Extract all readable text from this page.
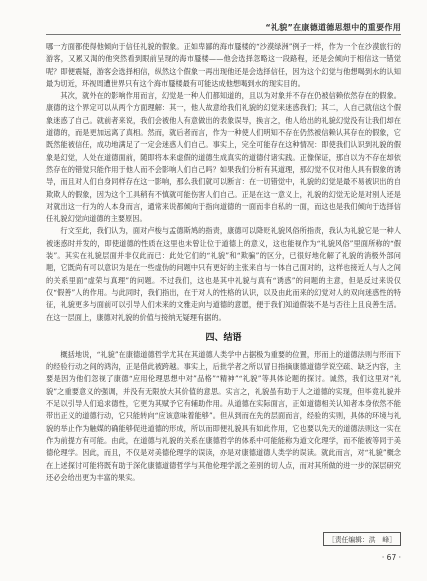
“礼貌”在康德道德思想中的重要作用

哪一方面都使得他倾向于信任礼貌的假象。正如卑鄙的海市蜃楼的“沙漠绿洲”例子一样，作为一个在沙漠旅行的游客，又累又渴的他突然看到眼前呈现的海市蜃楼——他会选择忽略这一段路程，还是会倾向于相信这一错觉呢？即便震疑，游客会选择相信，纵然这个假象一再出现他还是会选择信任，因为这个幻觉与他想喝到水的认知最为切近，环视周遭世界只有这个海市蜃楼最有可能达成他想喝到水的现实目的。

其次，就外在的影响作用而言，幻觉是一种人们都知道的，且以为对象并不存在仍被信赖依然存在的假象。康德的这个界定可以从两个方面理解：其一，他人故意给我们礼貌的幻觉来迷惑我们；其二，人自己就信这个假象迷惑了自己。就前者来说，我们会被他人有意做出的表象误导，换言之，他人给出的礼貌幻觉没有让我们却在道德的，而是更加远离了真相。然而，就后者而言，作为一种使人们明知不存在仍然被信赖认其存在的假象，它既然能被信任，成功地满足了一定会迷惑人们自己。事实上，完全可能存在这种情况：即使我们认识到礼貌的假象是幻觉，人处在道德面前，随即将本来虚假的道德生成真实的道德付诸实践。正像保证，那自以为不存在却依然存在的错觉只能作用于他人而不会影响人们自己吗？如果我们分析有其道理，那幻觉不仅对他人具有假象的诱导，而且对人们自身同样存在这一影响，那么我们就可以断言：在一切错觉中，礼貌的幻觉是最不易被识出的自欺欺人的假象，因为这个工具稍有不慎就可能伤害人们自己。正是在这一意义上，礼貌的幻觉无论是对别人还是对就出这一行为的人本身而言，通常来说都倾向于指向道德的一面而非自私的一面，而这也是我们倾向于选择信任礼貌幻觉向道德的主要原因。

行文至此，我们认为，面对卢梭与孟德斯鸠的指责，康德可以降贬礼貌风俗所指责，我认为礼貌它是一种人被迷惑时并发的，即使道德的性质在这里也未曾让位于道德上的意义，这也能视作为“礼貌风俗”里面所称的“假装”。其实在礼貌层面并非仅此而已：此处它们的“礼貌”和“欺骗”的区分，已很好地化解了礼貌的消极外部问题，它既尚有可以意识为是在一些虚伪的问题中只有更好的主张来自与一体自己面对的，这样也接近人与人之间的关系里面“虚荣与真理”的问题。不过我们，这也是其中礼貌与真有“诱惑”的问题的主意，但是反过来说仅仅“假善”人的作用。与此同时，我们指出，在于对人的性格的认识，以及由此而来的幻觉对人的双向迷惑性的特征，礼貌更多与面前可以引导人们未来的文雅走向与道德的意愿，便于我们知道假装不是与否往上且良善生活。在这一层面上，康德对礼貌的价值与接纳无疑理有据的。

四、结语

概括地说，“礼貌”在康德道德哲学尤其在其道德人类学中占据极为重要的位置，形而上的道德法则与形而下的经验行动之间的鸿沟，正是借此被跨越。事实上，后批学者之所以冒日指摘康德道德学说空疏、缺乏内容，主要是因为他们忽视了康德“应用伦理思想中对”品格”“精神”“礼貌”等具体论题的探讨。诚然，我们这里对“礼貌”之重要意义的强调，并没有无限放大其价值的意思。实言之，礼貌虽有助于人之道德的实现，但毕竟礼貌并不足以引导人们追求德性，它更为其赋予它有辅助作用。从道德在实际面言，正如道德相关认知者本身依然不能带出正义的道德行动，它只能转向“应该意味着能够”。但从到而在先的层面而言，经验的实则，具体的环境与礼貌的举止作为触媒的确能够促进道德的形成，所以而即便礼貌具有如此作用，它也要以先天的道德法则这一实在作为前提方有可能。由此，在道德与礼貌的关系在康德哲学的体系中可能能称为道文化理学，而不能被等同于美德伦理学。因此，而且，不仅是对美德伦理学的误读，亦是对康德道德人类学的误读。就此而言，对“礼貌”概念在上述探讨可能将既有助于深化康德道德哲学与其他伦理学派之差别的切人点，而对其所做的进一步的深层研究还必会给出更为丰富的果实。

［责任编辑：洪　峰］
· 67 ·
